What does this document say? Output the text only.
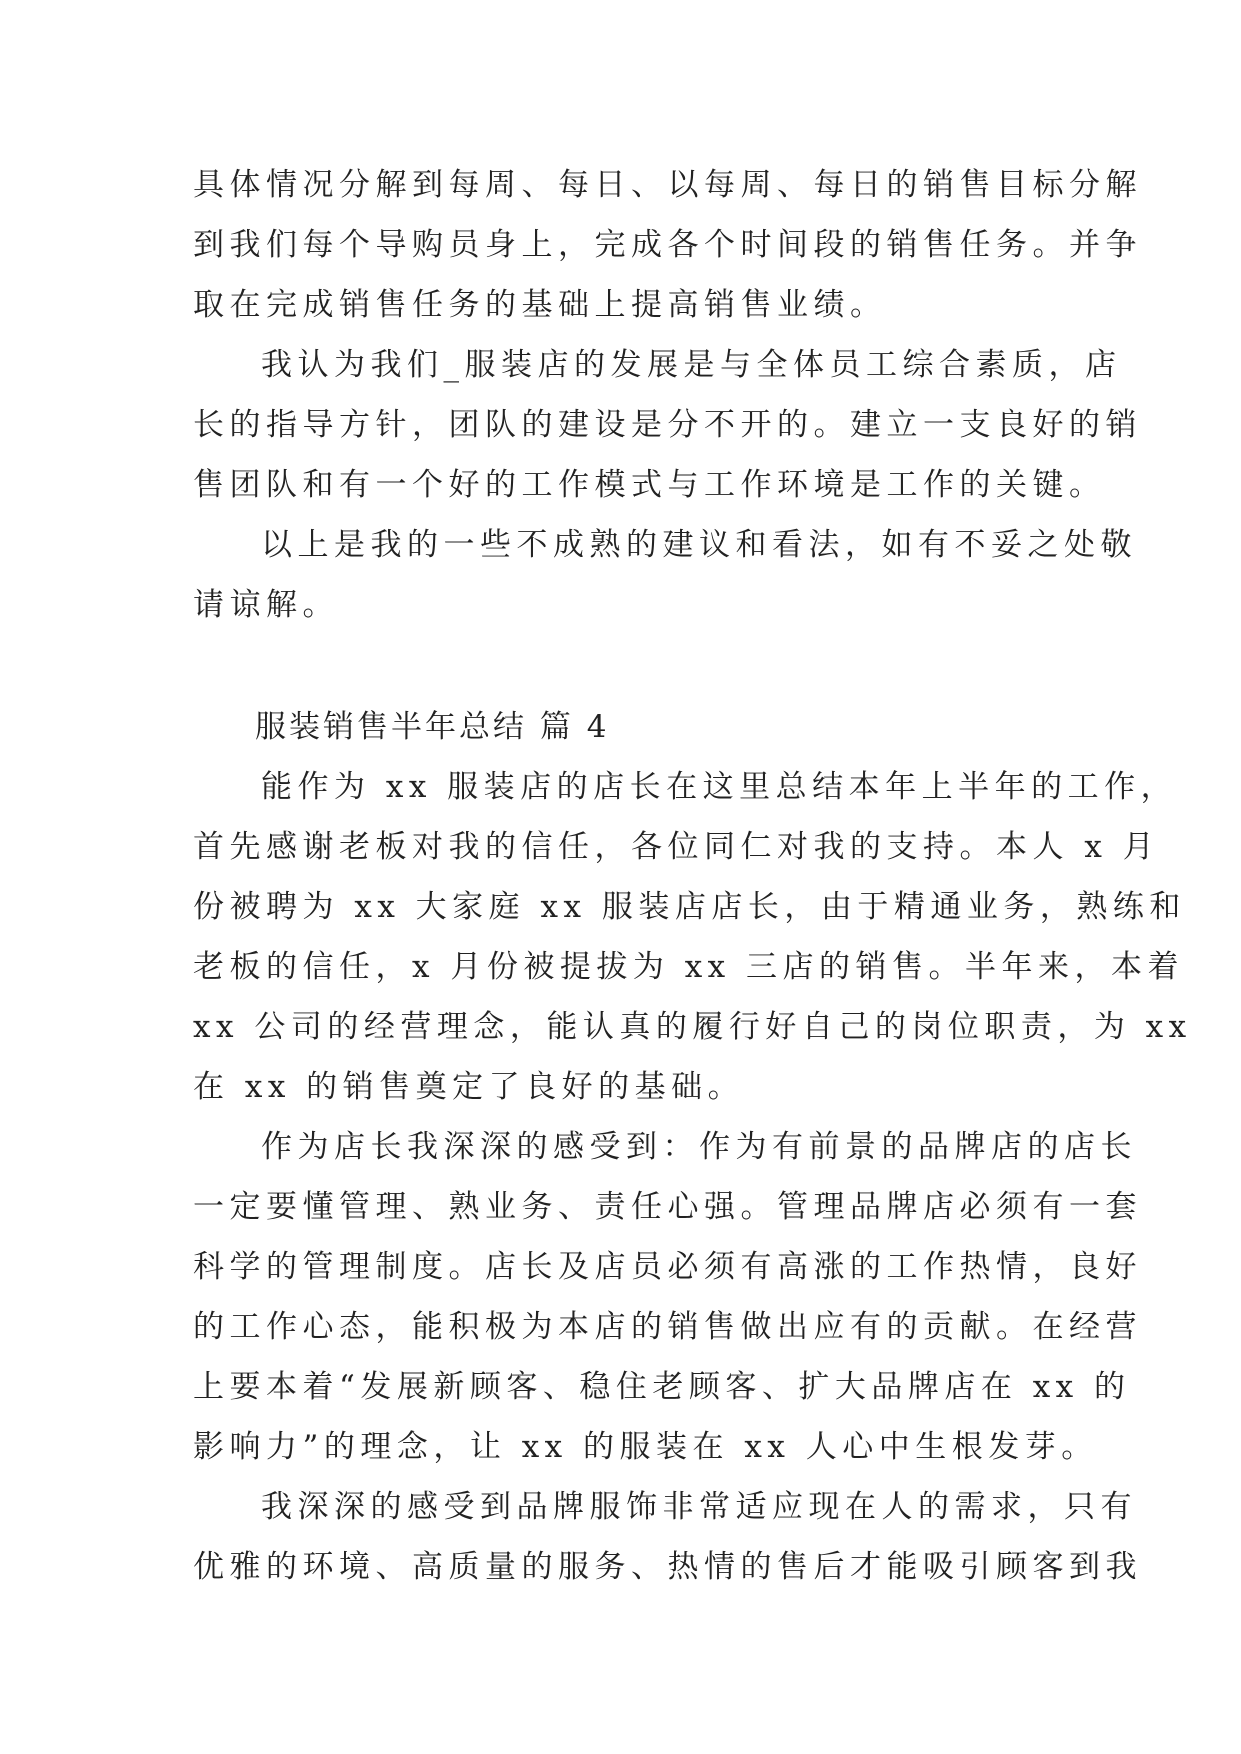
具体情况分解到每周、每日、以每周、每日的销售目标分解
到我们每个导购员身上，完成各个时间段的销售任务。并争
取在完成销售任务的基础上提高销售业绩。
我认为我们_服装店的发展是与全体员工综合素质，店
长的指导方针，团队的建设是分不开的。建立一支良好的销
售团队和有一个好的工作模式与工作环境是工作的关键。
以上是我的一些不成熟的建议和看法，如有不妥之处敬
请谅解。
服装销售半年总结 篇 4
能作为 xx 服装店的店长在这里总结本年上半年的工作，
首先感谢老板对我的信任，各位同仁对我的支持。本人 x 月
份被聘为 xx 大家庭 xx 服装店店长，由于精通业务，熟练和
老板的信任，x 月份被提拔为 xx 三店的销售。半年来，本着
xx 公司的经营理念，能认真的履行好自己的岗位职责，为 xx
在 xx 的销售奠定了良好的基础。
作为店长我深深的感受到：作为有前景的品牌店的店长
一定要懂管理、熟业务、责任心强。管理品牌店必须有一套
科学的管理制度。店长及店员必须有高涨的工作热情，良好
的工作心态，能积极为本店的销售做出应有的贡献。在经营
上要本着“发展新顾客、稳住老顾客、扩大品牌店在 xx 的
影响力”的理念，让 xx 的服装在 xx 人心中生根发芽。
我深深的感受到品牌服饰非常适应现在人的需求，只有
优雅的环境、高质量的服务、热情的售后才能吸引顾客到我
